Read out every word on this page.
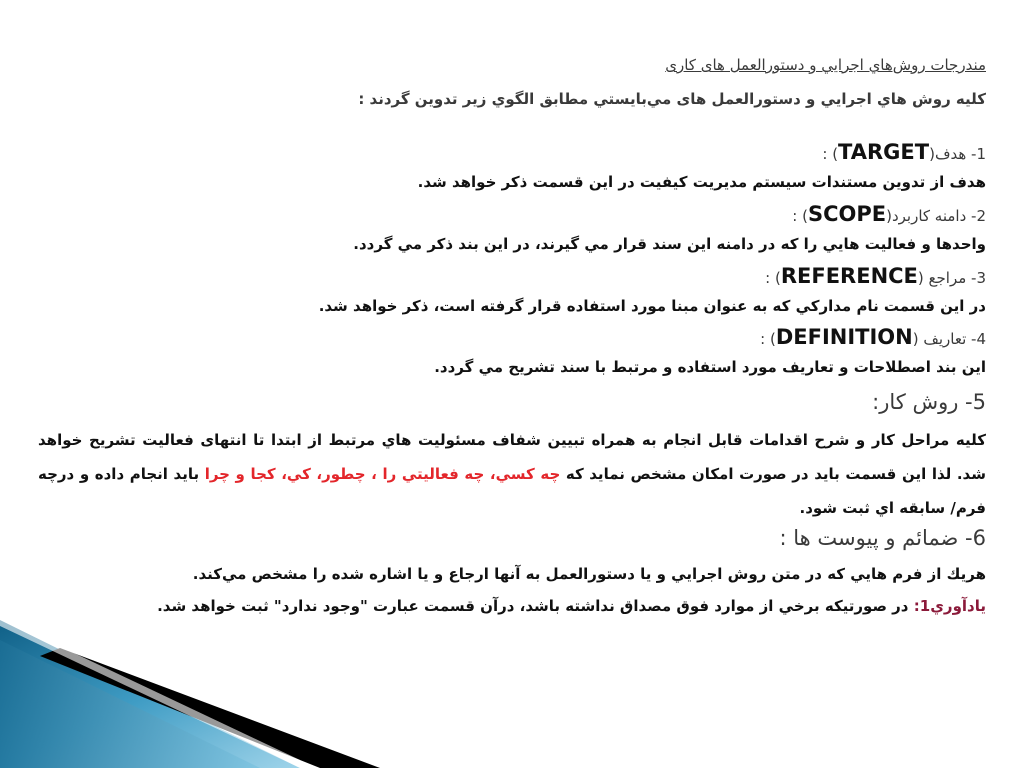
مندرجات روش‌هاي اجرايي و دستورالعمل های کاری
كليه روش هاي اجرايي و دستورالعمل های مي‌بايستي مطابق الگوي زير تدوين گردند :
1- هدف(TARGET) :
هدف از تدوين مستندات سيستم مديريت كيفيت در اين قسمت ذكر خواهد شد.
2- دامنه کاربرد(SCOPE) :
واحدها و فعاليت هايي را كه در دامنه اين سند قرار مي گيرند، در اين بند ذكر مي گردد.
3- مراجع (REFERENCE) :
در اين قسمت نام مداركي كه به عنوان مبنا مورد استفاده قرار گرفته است، ذكر خواهد شد.
4- تعاريف (DEFINITION) :
اين بند اصطلاحات و تعاريف مورد استفاده و مرتبط با سند تشريح مي گردد.
5- روش كار:
كليه مراحل كار و شرح اقدامات قابل انجام به همراه تبيين شفاف مسئوليت هاي مرتبط از ابتدا تا انتهای فعاليت تشريح خواهد شد. لذا اين قسمت بايد در صورت امكان مشخص نمايد كه چه كسي، چه فعاليتي را ، چطور، كي، كجا و چرا بايد انجام داده و درچه فرم/ سابقه اي ثبت شود.
6- ضمائم و پيوست ها :
هريك از فرم هايي كه در متن روش اجرايي و يا دستورالعمل به آنها ارجاع و يا اشاره شده را مشخص مي‌كند.
يادآوري1: در صورتيكه برخي از موارد فوق مصداق نداشته باشد، درآن قسمت عبارت "وجود ندارد" ثبت خواهد شد.
